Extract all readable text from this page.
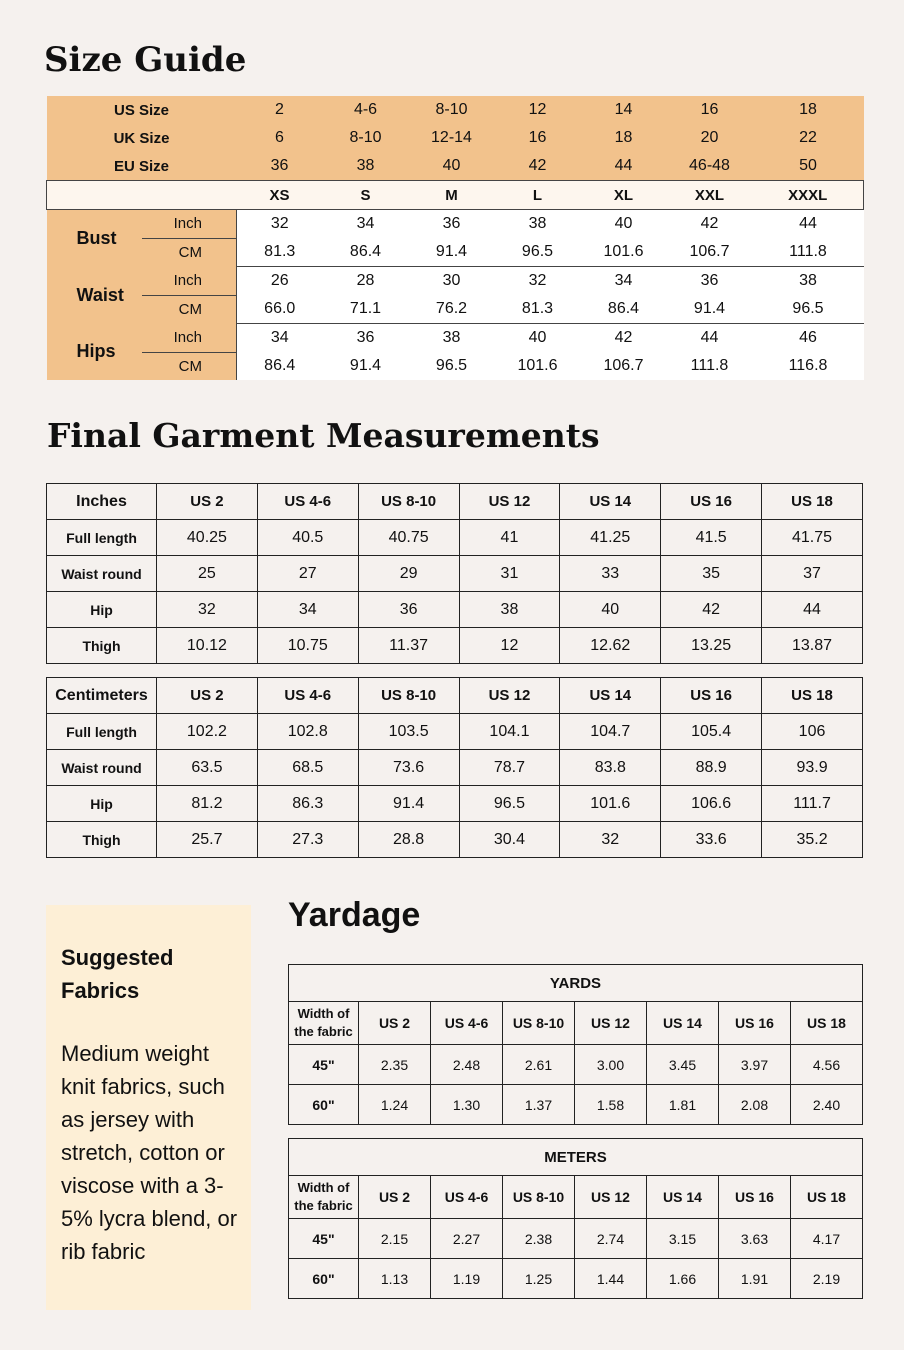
Size Guide
US Size		2	4-6	8-10	12	14	16	18
UK Size		6	8-10	12-14	16	18	20	22
EU Size		36	38	40	42	44	46-48	50
		XS	S	M	L	XL	XXL	XXXL
Bust	Inch	32	34	36	38	40	42	44
	CM	81.3	86.4	91.4	96.5	101.6	106.7	111.8
Waist	Inch	26	28	30	32	34	36	38
	CM	66.0	71.1	76.2	81.3	86.4	91.4	96.5
Hips	Inch	34	36	38	40	42	44	46
	CM	86.4	91.4	96.5	101.6	106.7	111.8	116.8
Final Garment Measurements
Inches	US 2	US 4-6	US 8-10	US 12	US 14	US 16	US 18
Full length	40.25	40.5	40.75	41	41.25	41.5	41.75
Waist round	25	27	29	31	33	35	37
Hip	32	34	36	38	40	42	44
Thigh	10.12	10.75	11.37	12	12.62	13.25	13.87
Centimeters	US 2	US 4-6	US 8-10	US 12	US 14	US 16	US 18
Full length	102.2	102.8	103.5	104.1	104.7	105.4	106
Waist round	63.5	68.5	73.6	78.7	83.8	88.9	93.9
Hip	81.2	86.3	91.4	96.5	101.6	106.6	111.7
Thigh	25.7	27.3	28.8	30.4	32	33.6	35.2
Suggested Fabrics

Medium weight knit fabrics, such as jersey with stretch, cotton or viscose with a 3-5% lycra blend, or rib fabric

Yardage
YARDS							
Width of the fabric	US 2	US 4-6	US 8-10	US 12	US 14	US 16	US 18
45"	2.35	2.48	2.61	3.00	3.45	3.97	4.56
60"	1.24	1.30	1.37	1.58	1.81	2.08	2.40
METERS							
Width of the fabric	US 2	US 4-6	US 8-10	US 12	US 14	US 16	US 18
45"	2.15	2.27	2.38	2.74	3.15	3.63	4.17
60"	1.13	1.19	1.25	1.44	1.66	1.91	2.19
